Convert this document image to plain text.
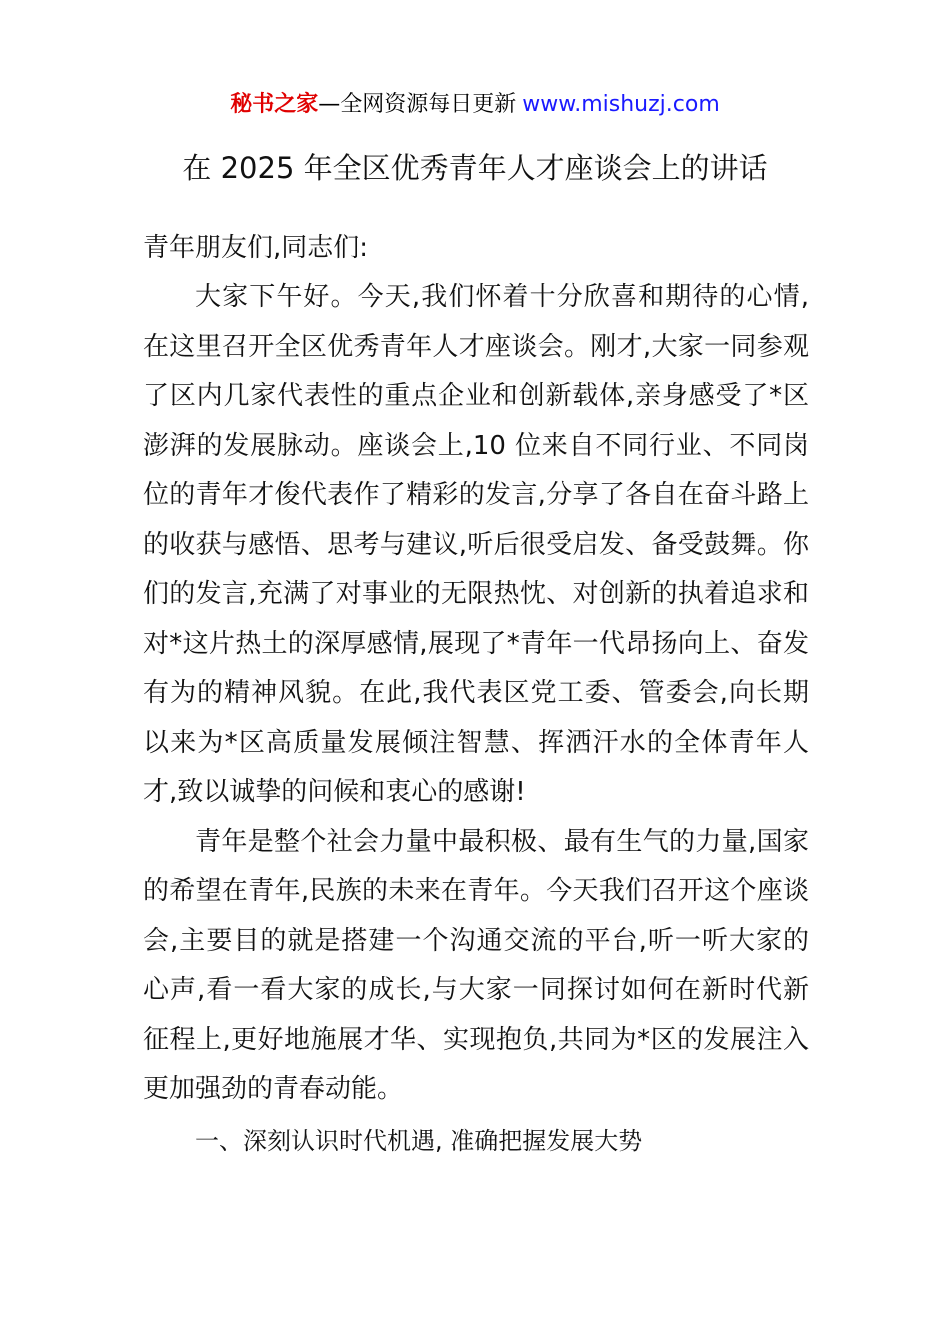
秘书之家—全网资源每日更新 www.mishuzj.com
在 2025 年全区优秀青年人才座谈会上的讲话

青年朋友们,同志们:

大家下午好。今天,我们怀着十分欣喜和期待的心情,在这里召开全区优秀青年人才座谈会。刚才,大家一同参观了区内几家代表性的重点企业和创新载体,亲身感受了*区澎湃的发展脉动。座谈会上,10 位来自不同行业、不同岗位的青年才俊代表作了精彩的发言,分享了各自在奋斗路上的收获与感悟、思考与建议,听后很受启发、备受鼓舞。你们的发言,充满了对事业的无限热忱、对创新的执着追求和对*这片热土的深厚感情,展现了*青年一代昂扬向上、奋发有为的精神风貌。在此,我代表区党工委、管委会,向长期以来为*区高质量发展倾注智慧、挥洒汗水的全体青年人才,致以诚挚的问候和衷心的感谢!

青年是整个社会力量中最积极、最有生气的力量,国家的希望在青年,民族的未来在青年。今天我们召开这个座谈会,主要目的就是搭建一个沟通交流的平台,听一听大家的心声,看一看大家的成长,与大家一同探讨如何在新时代新征程上,更好地施展才华、实现抱负,共同为*区的发展注入更加强劲的青春动能。

一、深刻认识时代机遇, 准确把握发展大势
